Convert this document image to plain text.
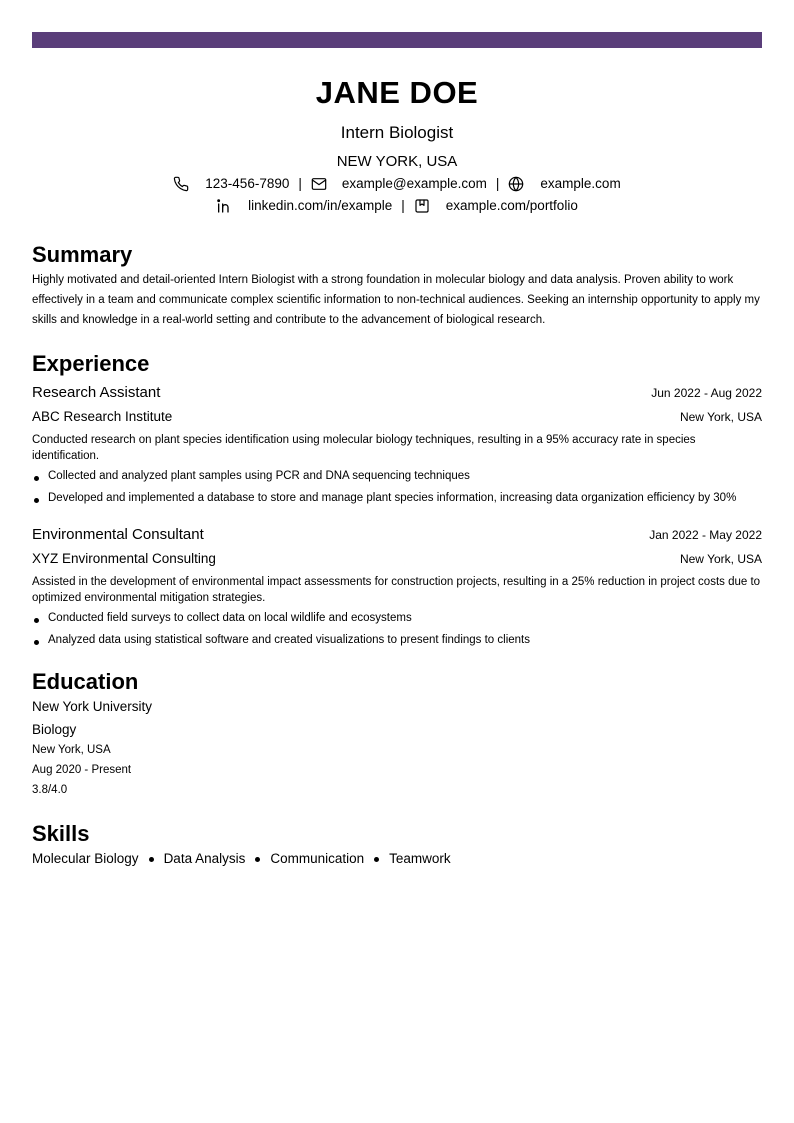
JANE DOE
Intern Biologist
NEW YORK, USA
123-456-7890 |	example@example.com |	example.com
linkedin.com/in/example |	example.com/portfolio
Summary
Highly motivated and detail-oriented Intern Biologist with a strong foundation in molecular biology and data analysis. Proven ability to work effectively in a team and communicate complex scientific information to non-technical audiences. Seeking an internship opportunity to apply my skills and knowledge in a real-world setting and contribute to the advancement of biological research.
Experience
Research Assistant	Jun 2022 - Aug 2022
ABC Research Institute	New York, USA
Conducted research on plant species identification using molecular biology techniques, resulting in a 95% accuracy rate in species identification.
Collected and analyzed plant samples using PCR and DNA sequencing techniques
Developed and implemented a database to store and manage plant species information, increasing data organization efficiency by 30%
Environmental Consultant	Jan 2022 - May 2022
XYZ Environmental Consulting	New York, USA
Assisted in the development of environmental impact assessments for construction projects, resulting in a 25% reduction in project costs due to optimized environmental mitigation strategies.
Conducted field surveys to collect data on local wildlife and ecosystems
Analyzed data using statistical software and created visualizations to present findings to clients
Education
New York University
Biology
New York, USA
Aug 2020 - Present
3.8/4.0
Skills
Molecular Biology Data Analysis Communication Teamwork
